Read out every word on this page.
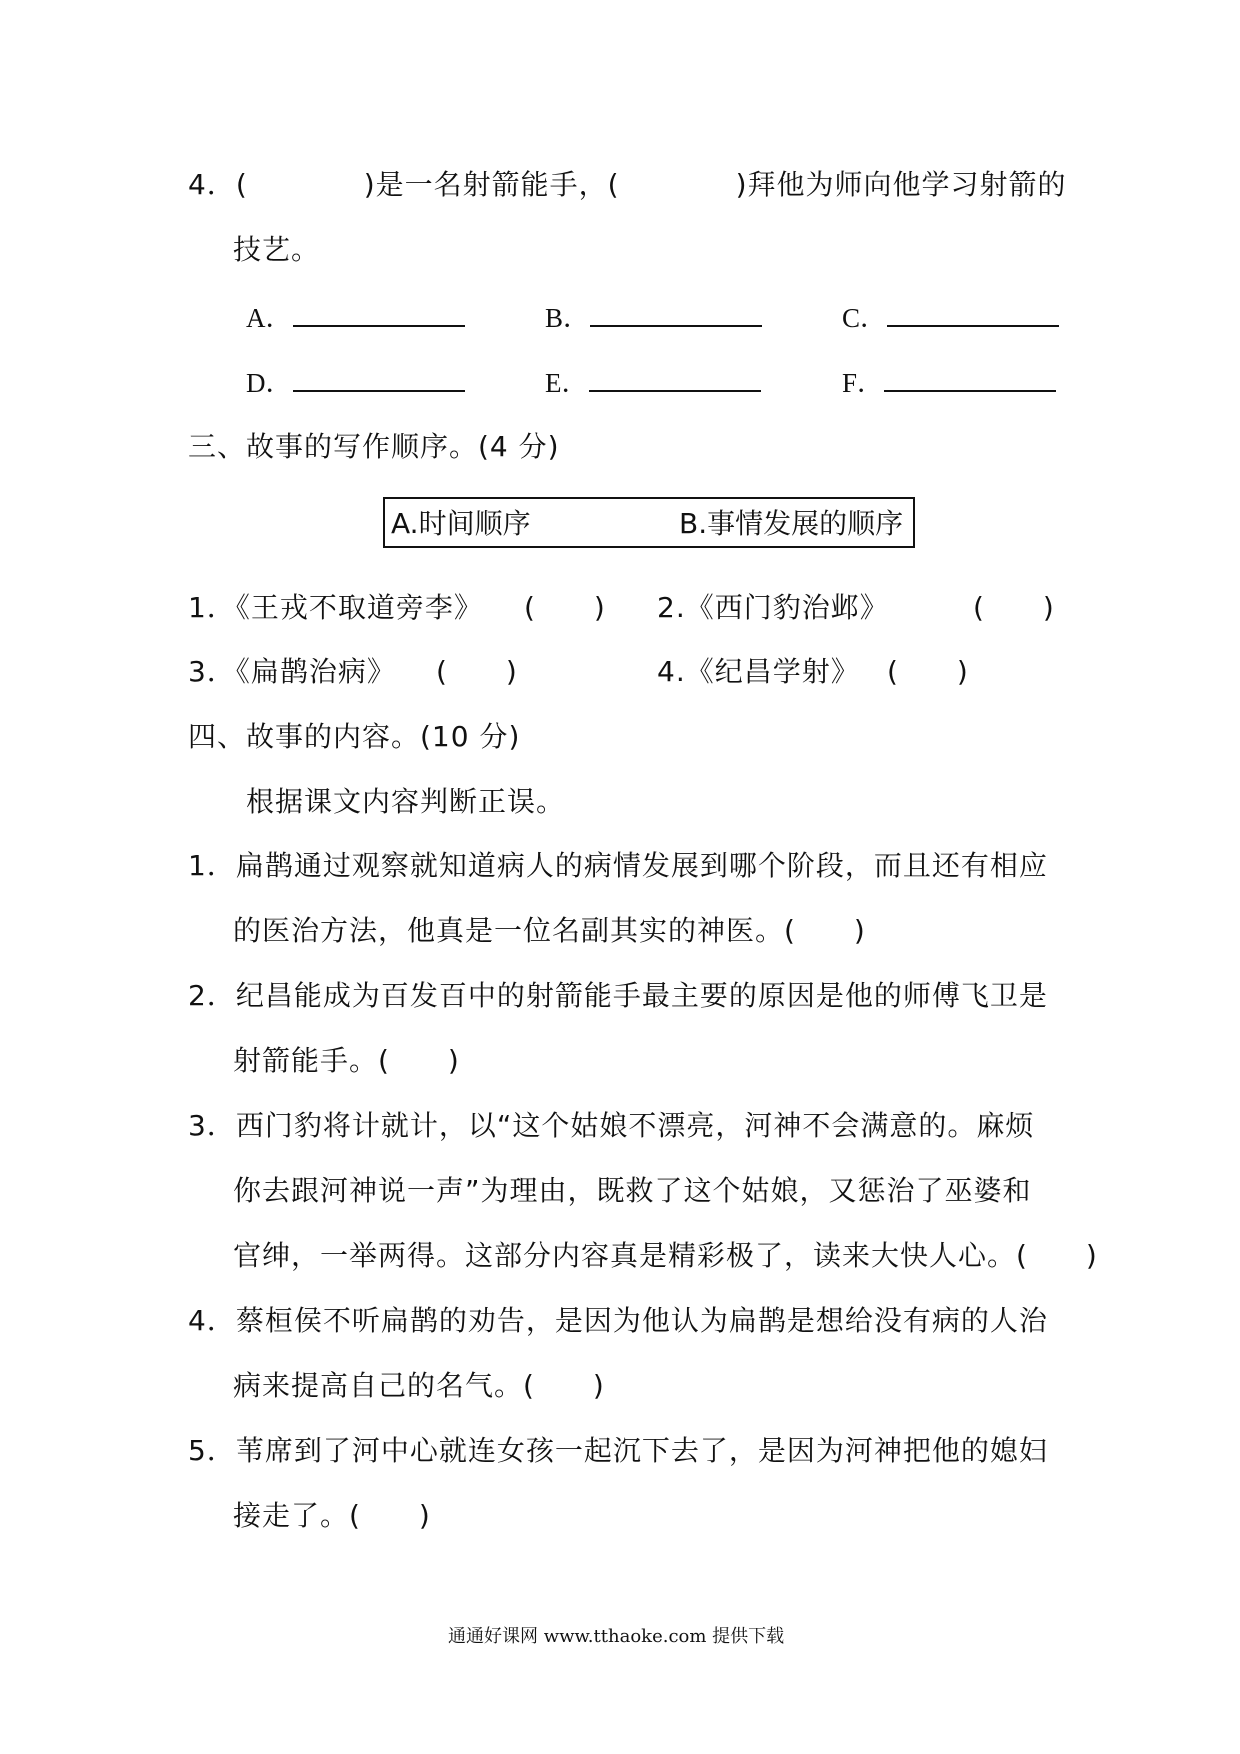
4．(　　　　)是一名射箭能手，(　　　　)拜他为师向他学习射箭的
技艺。
A．	B．	C．
D．	E．	F．
三、故事的写作顺序。(4 分)
A.时间顺序	B.事情发展的顺序
1．《王戎不取道旁李》 (　　) 2.《西门豹治邺》	(　　)
3．《扁鹊治病》 (　　)	4.《纪昌学射》 (　　)
四、故事的内容。(10 分)
根据课文内容判断正误。
1．扁鹊通过观察就知道病人的病情发展到哪个阶段，而且还有相应
的医治方法，他真是一位名副其实的神医。(　　)
2．纪昌能成为百发百中的射箭能手最主要的原因是他的师傅飞卫是
射箭能手。(　　)
3．西门豹将计就计，以“这个姑娘不漂亮，河神不会满意的。麻烦
你去跟河神说一声”为理由，既救了这个姑娘，又惩治了巫婆和
官绅，一举两得。这部分内容真是精彩极了，读来大快人心。(　　)
4．蔡桓侯不听扁鹊的劝告，是因为他认为扁鹊是想给没有病的人治
病来提高自己的名气。(　　)
5．苇席到了河中心就连女孩一起沉下去了，是因为河神把他的媳妇
接走了。(　　)
通通好课网 www.tthaoke.com 提供下载
